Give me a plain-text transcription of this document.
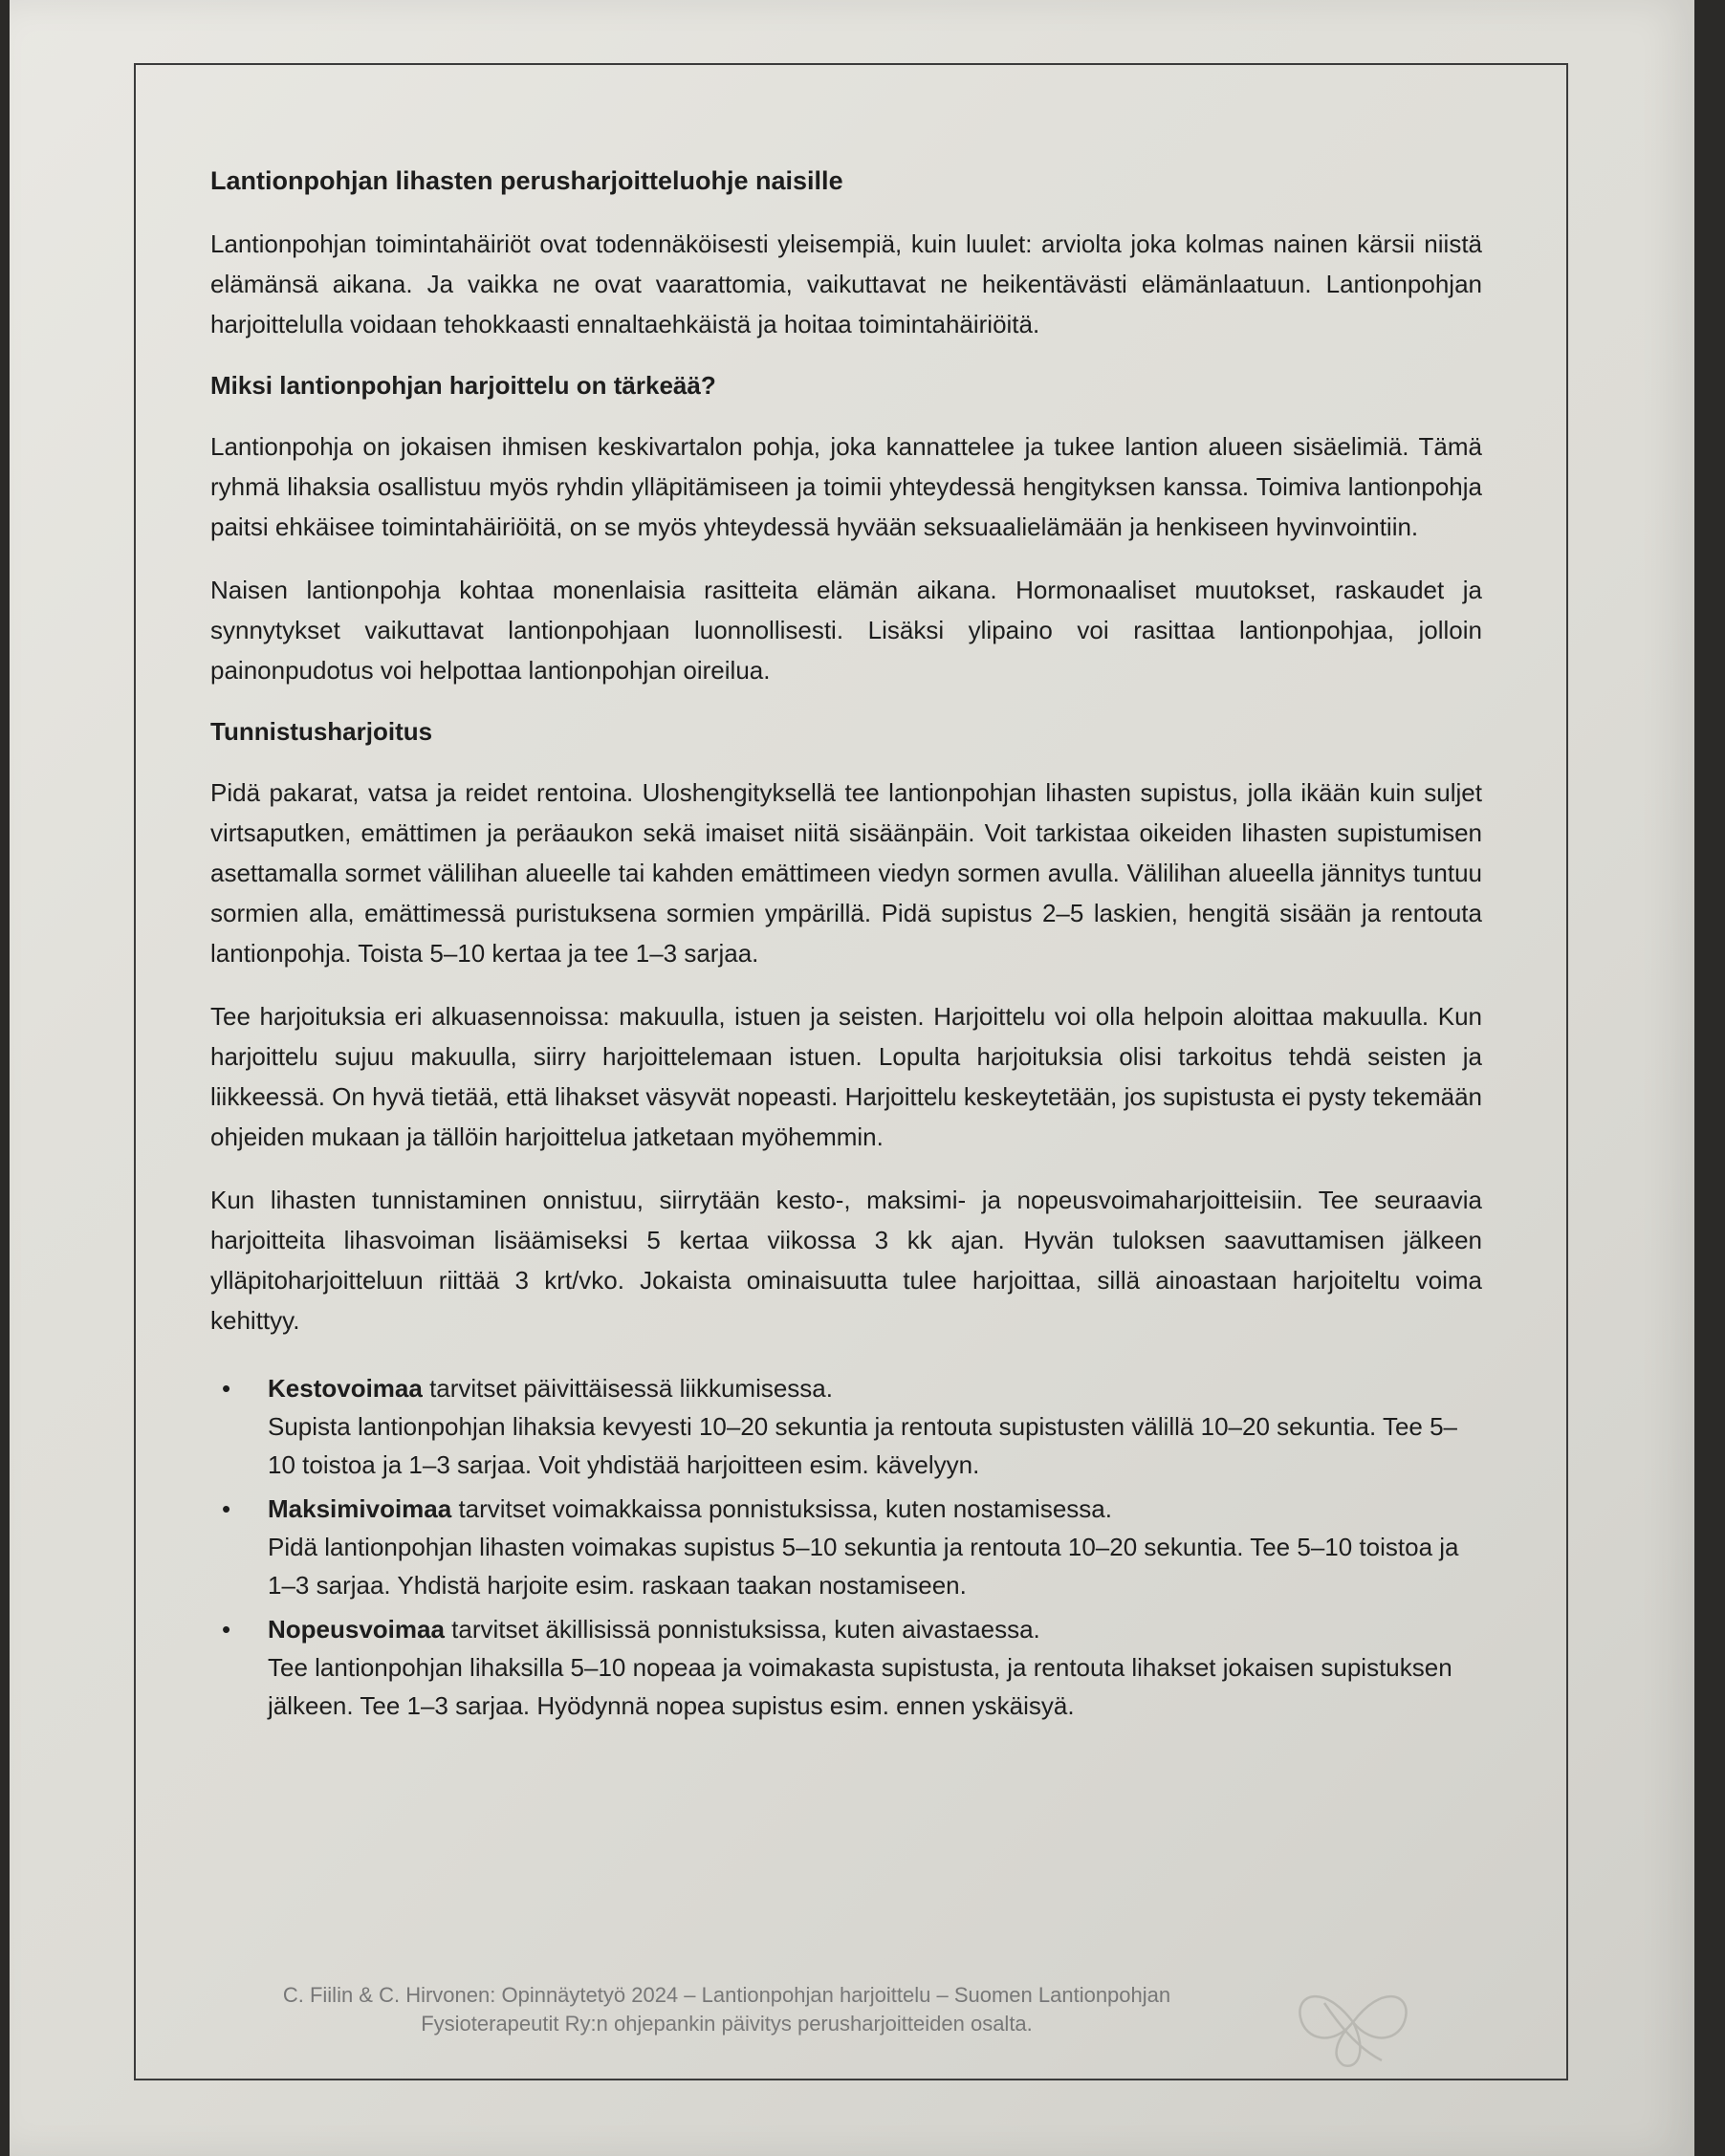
Lantionpohjan lihasten perusharjoitteluohje naisille

Lantionpohjan toimintahäiriöt ovat todennäköisesti yleisempiä, kuin luulet: arviolta joka kolmas nainen kärsii niistä elämänsä aikana. Ja vaikka ne ovat vaarattomia, vaikuttavat ne heikentävästi elämänlaatuun. Lantionpohjan harjoittelulla voidaan tehokkaasti ennaltaehkäistä ja hoitaa toimintahäiriöitä.

Miksi lantionpohjan harjoittelu on tärkeää?

Lantionpohja on jokaisen ihmisen keskivartalon pohja, joka kannattelee ja tukee lantion alueen sisäelimiä. Tämä ryhmä lihaksia osallistuu myös ryhdin ylläpitämiseen ja toimii yhteydessä hengityksen kanssa. Toimiva lantionpohja paitsi ehkäisee toimintahäiriöitä, on se myös yhteydessä hyvään seksuaalielämään ja henkiseen hyvinvointiin.

Naisen lantionpohja kohtaa monenlaisia rasitteita elämän aikana. Hormonaaliset muutokset, raskaudet ja synnytykset vaikuttavat lantionpohjaan luonnollisesti. Lisäksi ylipaino voi rasittaa lantionpohjaa, jolloin painonpudotus voi helpottaa lantionpohjan oireilua.

Tunnistusharjoitus

Pidä pakarat, vatsa ja reidet rentoina. Uloshengityksellä tee lantionpohjan lihasten supistus, jolla ikään kuin suljet virtsaputken, emättimen ja peräaukon sekä imaiset niitä sisäänpäin. Voit tarkistaa oikeiden lihasten supistumisen asettamalla sormet välilihan alueelle tai kahden emättimeen viedyn sormen avulla. Välilihan alueella jännitys tuntuu sormien alla, emättimessä puristuksena sormien ympärillä. Pidä supistus 2–5 laskien, hengitä sisään ja rentouta lantionpohja. Toista 5–10 kertaa ja tee 1–3 sarjaa.

Tee harjoituksia eri alkuasennoissa: makuulla, istuen ja seisten. Harjoittelu voi olla helpoin aloittaa makuulla. Kun harjoittelu sujuu makuulla, siirry harjoittelemaan istuen. Lopulta harjoituksia olisi tarkoitus tehdä seisten ja liikkeessä. On hyvä tietää, että lihakset väsyvät nopeasti. Harjoittelu keskeytetään, jos supistusta ei pysty tekemään ohjeiden mukaan ja tällöin harjoittelua jatketaan myöhemmin.

Kun lihasten tunnistaminen onnistuu, siirrytään kesto-, maksimi- ja nopeusvoimaharjoitteisiin. Tee seuraavia harjoitteita lihasvoiman lisäämiseksi 5 kertaa viikossa 3 kk ajan. Hyvän tuloksen saavuttamisen jälkeen ylläpitoharjoitteluun riittää 3 krt/vko. Jokaista ominaisuutta tulee harjoittaa, sillä ainoastaan harjoiteltu voima kehittyy.

• Kestovoimaa tarvitset päivittäisessä liikkumisessa.
Supista lantionpohjan lihaksia kevyesti 10–20 sekuntia ja rentouta supistusten välillä 10–20 sekuntia. Tee 5–10 toistoa ja 1–3 sarjaa. Voit yhdistää harjoitteen esim. kävelyyn.
• Maksimivoimaa tarvitset voimakkaissa ponnistuksissa, kuten nostamisessa.
Pidä lantionpohjan lihasten voimakas supistus 5–10 sekuntia ja rentouta 10–20 sekuntia. Tee 5–10 toistoa ja 1–3 sarjaa. Yhdistä harjoite esim. raskaan taakan nostamiseen.
• Nopeusvoimaa tarvitset äkillisissä ponnistuksissa, kuten aivastaessa.
Tee lantionpohjan lihaksilla 5–10 nopeaa ja voimakasta supistusta, ja rentouta lihakset jokaisen supistuksen jälkeen. Tee 1–3 sarjaa. Hyödynnä nopea supistus esim. ennen yskäisyä.
C. Fiilin & C. Hirvonen: Opinnäytetyö 2024 – Lantionpohjan harjoittelu – Suomen Lantionpohjan
Fysioterapeutit Ry:n ohjepankin päivitys perusharjoitteiden osalta.
